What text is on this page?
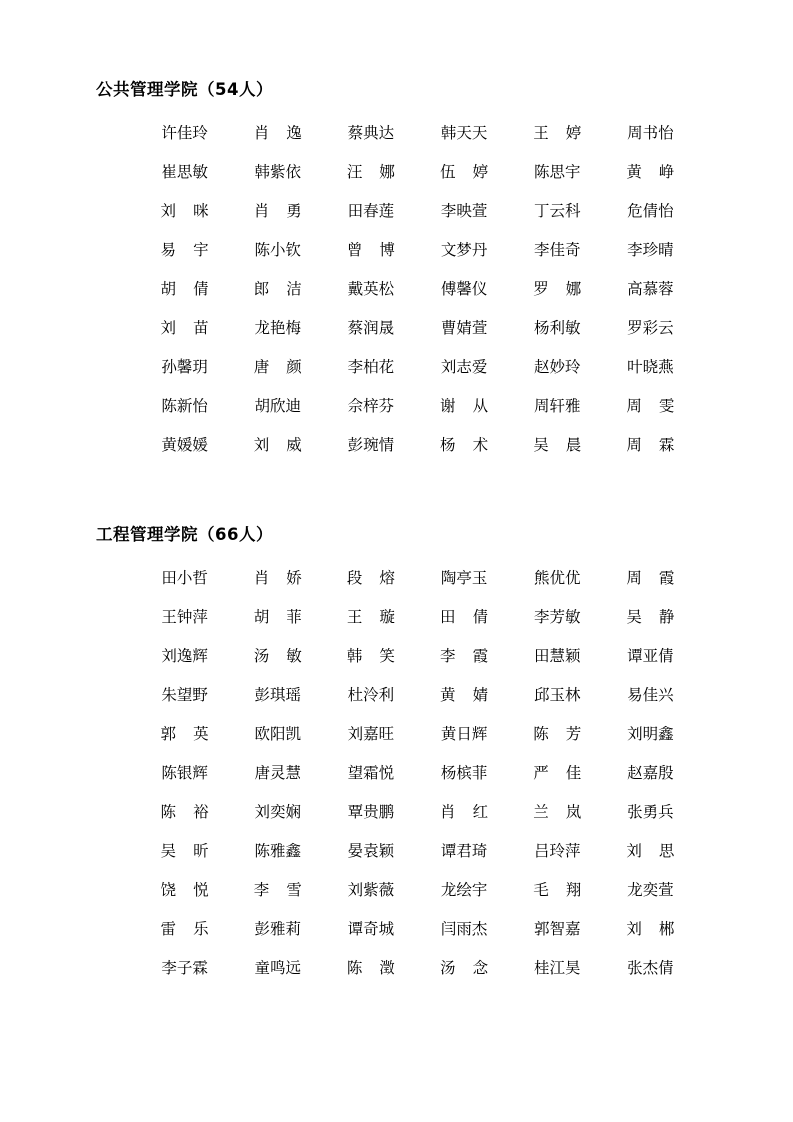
公共管理学院（54人）
许佳玲	肖逸	蔡典达	韩天天	王婷	周书怡
崔思敏	韩紫依	汪娜	伍婷	陈思宇	黄峥
刘咪	肖勇	田春莲	李映萱	丁云科	危倩怡
易宇	陈小钦	曾博	文梦丹	李佳奇	李珍晴
胡倩	郎洁	戴英松	傅馨仪	罗娜	高慕蓉
刘苗	龙艳梅	蔡润晟	曹婧萱	杨利敏	罗彩云
孙馨玥	唐颜	李柏花	刘志爱	赵妙玲	叶晓燕
陈新怡	胡欣迪	佘梓芬	谢从	周轩雅	周雯
黄媛媛	刘威	彭琬情	杨术	吴晨	周霖
工程管理学院（66人）
田小哲	肖娇	段熔	陶亭玉	熊优优	周霞
王钟萍	胡菲	王璇	田倩	李芳敏	吴静
刘逸辉	汤敏	韩笑	李霞	田慧颖	谭亚倩
朱望野	彭琪瑶	杜泠利	黄婧	邱玉林	易佳兴
郭英	欧阳凯	刘嘉旺	黄日辉	陈芳	刘明鑫
陈银辉	唐灵慧	望霜悦	杨槟菲	严佳	赵嘉殷
陈裕	刘奕娴	覃贵鹏	肖红	兰岚	张勇兵
吴昕	陈雅鑫	晏袁颖	谭君琦	吕玲萍	刘思
饶悦	李雪	刘紫薇	龙绘宇	毛翔	龙奕萱
雷乐	彭雅莉	谭奇城	闫雨杰	郭智嘉	刘郴
李子霖	童鸣远	陈澂	汤念	桂江昊	张杰倩
